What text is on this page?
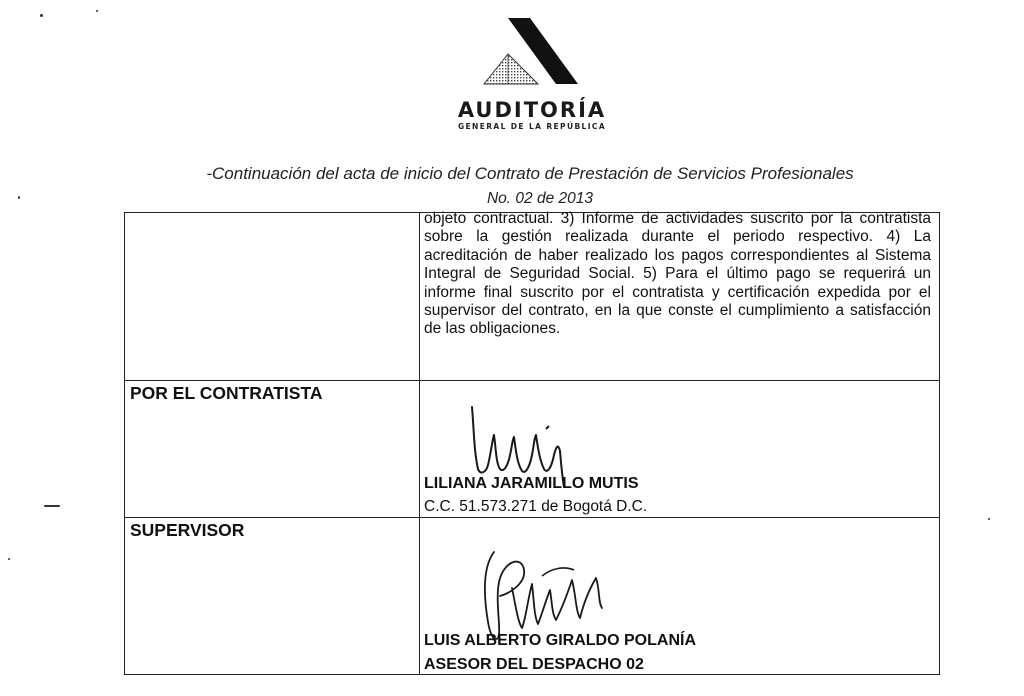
AUDITORÍA
GENERAL DE LA REPÚBLICA
-Continuación del acta de inicio del Contrato de Prestación de Servicios Profesionales
No. 02 de 2013

	objeto contractual. 3) Informe de actividades suscrito por la contratista sobre la gestión realizada durante el periodo respectivo. 4) La acreditación de haber realizado los pagos correspondientes al Sistema Integral de Seguridad Social. 5) Para el último pago se requerirá un informe final suscrito por el contratista y certificación expedida por el supervisor del contrato, en la que conste el cumplimiento a satisfacción de las obligaciones.

POR EL CONTRATISTA	LILIANA JARAMILLO MUTIS
C.C. 51.573.271 de Bogotá D.C.

SUPERVISOR	LUIS ALBERTO GIRALDO POLANÍA
ASESOR DEL DESPACHO 02
